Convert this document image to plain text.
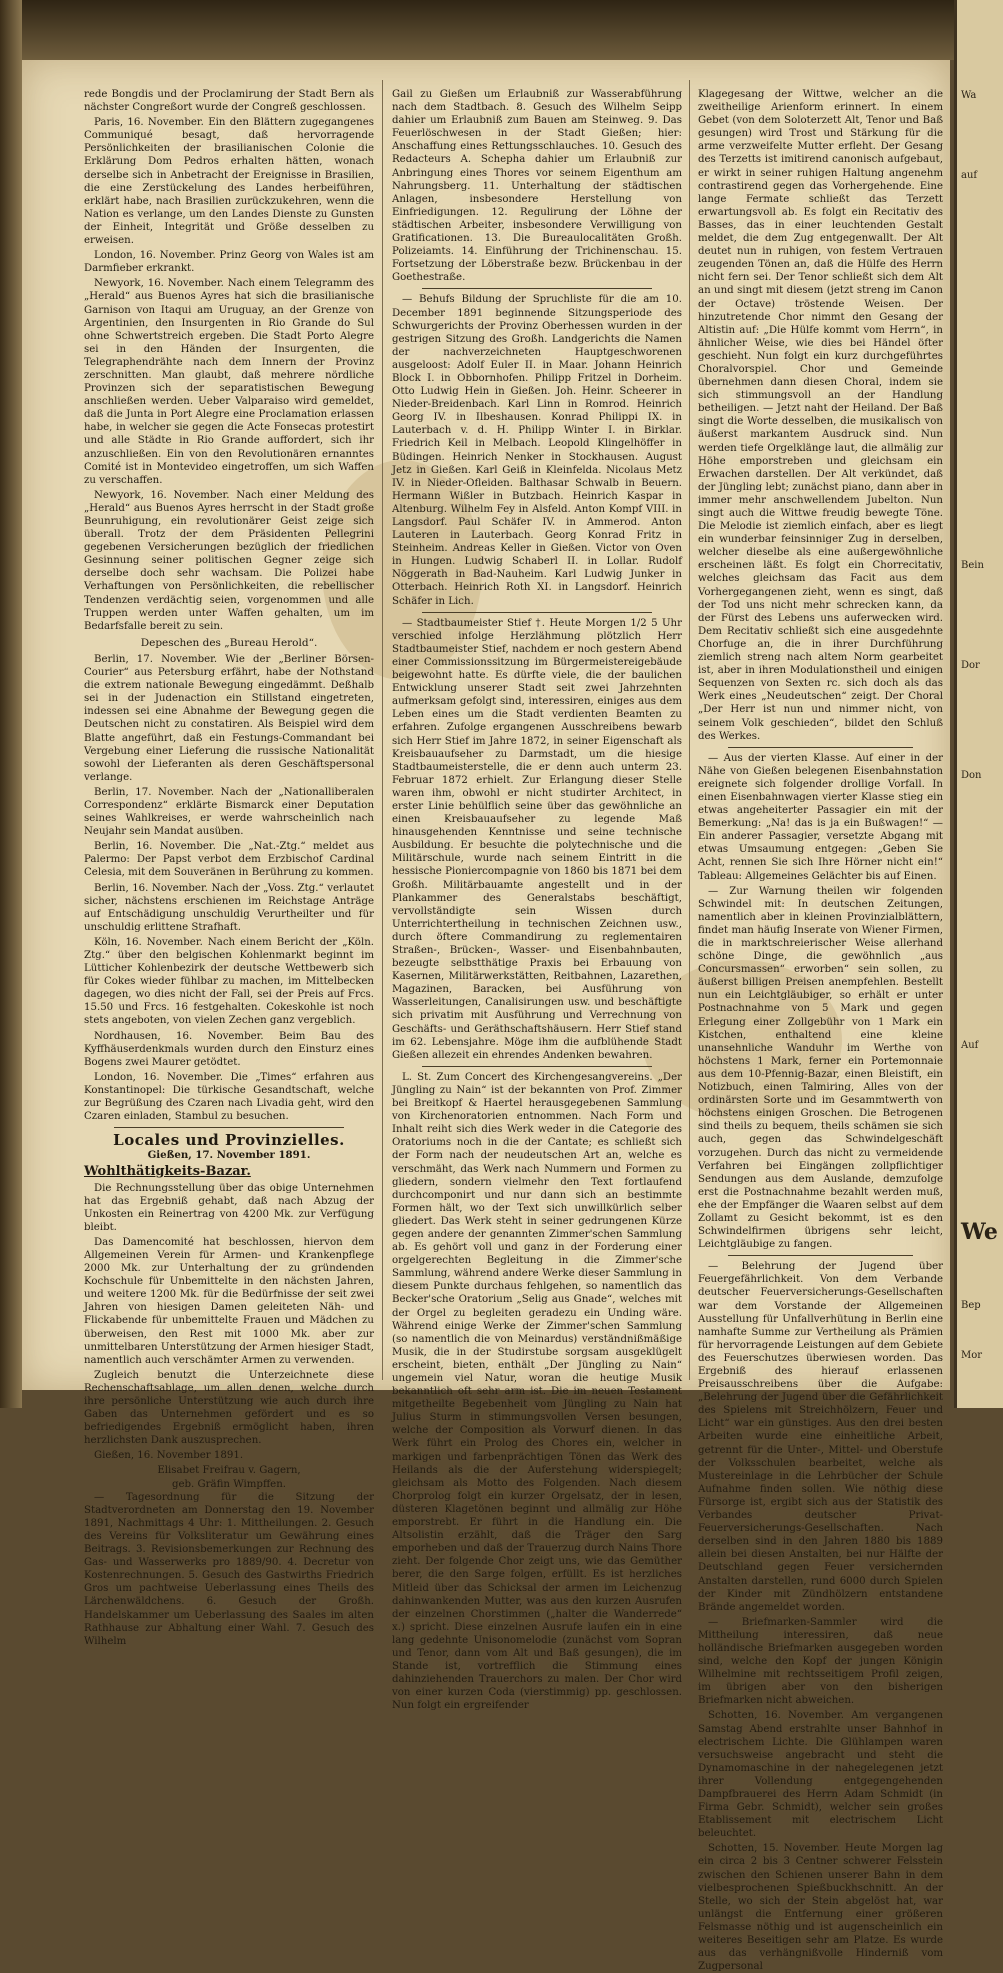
rede Bongdis und der Proclamirung der Stadt Bern als nächster Congreßort wurde der Congreß geschlossen.

Paris, 16. November. Ein den Blättern zugegangenes Communiqué besagt, daß hervorragende Persönlichkeiten der brasilianischen Colonie die Erklärung Dom Pedros erhalten hätten, wonach derselbe sich in Anbetracht der Ereignisse in Brasilien, die eine Zerstückelung des Landes herbeiführen, erklärt habe, nach Brasilien zurückzukehren, wenn die Nation es verlange, um den Landes Dienste zu Gunsten der Einheit, Integrität und Größe desselben zu erweisen.

London, 16. November. Prinz Georg von Wales ist am Darmfieber erkrankt.

Newyork, 16. November. Nach einem Telegramm des „Herald“ aus Buenos Ayres hat sich die brasilianische Garnison von Itaqui am Uruguay, an der Grenze von Argentinien, den Insurgenten in Rio Grande do Sul ohne Schwertstreich ergeben. Die Stadt Porto Alegre sei in den Händen der Insurgenten, die Telegraphendrähte nach dem Innern der Provinz zerschnitten. Man glaubt, daß mehrere nördliche Provinzen sich der separatistischen Bewegung anschließen werden. Ueber Valparaiso wird gemeldet, daß die Junta in Port Alegre eine Proclamation erlassen habe, in welcher sie gegen die Acte Fonsecas protestirt und alle Städte in Rio Grande auffordert, sich ihr anzuschließen. Ein von den Revolutionären ernanntes Comité ist in Montevideo eingetroffen, um sich Waffen zu verschaffen.

Newyork, 16. November. Nach einer Meldung des „Herald“ aus Buenos Ayres herrscht in der Stadt große Beunruhigung, ein revolutionärer Geist zeige sich überall. Trotz der dem Präsidenten Pellegrini gegebenen Versicherungen bezüglich der friedlichen Gesinnung seiner politischen Gegner zeige sich derselbe doch sehr wachsam. Die Polizei habe Verhaftungen von Persönlichkeiten, die rebellischer Tendenzen verdächtig seien, vorgenommen und alle Truppen werden unter Waffen gehalten, um im Bedarfsfalle bereit zu sein.

Depeschen des „Bureau Herold“.

Berlin, 17. November. Wie der „Berliner Börsen-Courier“ aus Petersburg erfährt, habe der Nothstand die extrem nationale Bewegung eingedämmt. Deßhalb sei in der Judenaction ein Stillstand eingetreten, indessen sei eine Abnahme der Bewegung gegen die Deutschen nicht zu constatiren. Als Beispiel wird dem Blatte angeführt, daß ein Festungs-Commandant bei Vergebung einer Lieferung die russische Nationalität sowohl der Lieferanten als deren Geschäftspersonal verlange.

Berlin, 17. November. Nach der „Nationalliberalen Correspondenz“ erklärte Bismarck einer Deputation seines Wahlkreises, er werde wahrscheinlich nach Neujahr sein Mandat ausüben.

Berlin, 16. November. Die „Nat.-Ztg.“ meldet aus Palermo: Der Papst verbot dem Erzbischof Cardinal Celesia, mit dem Souveränen in Berührung zu kommen.

Berlin, 16. November. Nach der „Voss. Ztg.“ verlautet sicher, nächstens erschienen im Reichstage Anträge auf Entschädigung unschuldig Verurtheilter und für unschuldig erlittene Strafhaft.

Köln, 16. November. Nach einem Bericht der „Köln. Ztg.“ über den belgischen Kohlenmarkt beginnt im Lütticher Kohlenbezirk der deutsche Wettbewerb sich für Cokes wieder fühlbar zu machen, im Mittelbecken dagegen, wo dies nicht der Fall, sei der Preis auf Frcs. 15.50 und Frcs. 16 festgehalten. Cokeskohle ist noch stets angeboten, von vielen Zechen ganz vergeblich.

Nordhausen, 16. November. Beim Bau des Kyffhäuserdenkmals wurden durch den Einsturz eines Bogens zwei Maurer getödtet.

London, 16. November. Die „Times“ erfahren aus Konstantinopel: Die türkische Gesandtschaft, welche zur Begrüßung des Czaren nach Livadia geht, wird den Czaren einladen, Stambul zu besuchen.

Locales und Provinzielles.
Gießen, 17. November 1891.
Wohlthätigkeits-Bazar.

Die Rechnungsstellung über das obige Unternehmen hat das Ergebniß gehabt, daß nach Abzug der Unkosten ein Reinertrag von 4200 Mk. zur Verfügung bleibt.

Das Damencomité hat beschlossen, hiervon dem Allgemeinen Verein für Armen- und Krankenpflege 2000 Mk. zur Unterhaltung der zu gründenden Kochschule für Unbemittelte in den nächsten Jahren, und weitere 1200 Mk. für die Bedürfnisse der seit zwei Jahren von hiesigen Damen geleiteten Näh- und Flickabende für unbemittelte Frauen und Mädchen zu überweisen, den Rest mit 1000 Mk. aber zur unmittelbaren Unterstützung der Armen hiesiger Stadt, namentlich auch verschämter Armen zu verwenden.

Zugleich benutzt die Unterzeichnete diese Rechenschaftsablage, um allen denen, welche durch ihre persönliche Unterstützung wie auch durch ihre Gaben das Unternehmen gefördert und es so befriedigendes Ergebniß ermöglicht haben, ihren herzlichsten Dank auszusprechen.

Gießen, 16. November 1891.

Elisabet Freifrau v. Gagern,
geb. Gräfin Wimpffen.

— Tagesordnung für die Sitzung der Stadtverordneten am Donnerstag den 19. November 1891, Nachmittags 4 Uhr: 1. Mittheilungen. 2. Gesuch des Vereins für Volksliteratur um Gewährung eines Beitrags. 3. Revisionsbemerkungen zur Rechnung des Gas- und Wasserwerks pro 1889/90. 4. Decretur von Kostenrechnungen. 5. Gesuch des Gastwirths Friedrich Gros um pachtweise Ueberlassung eines Theils des Lärchenwäldchens. 6. Gesuch der Großh. Handelskammer um Ueberlassung des Saales im alten Rathhause zur Abhaltung einer Wahl. 7. Gesuch des Wilhelm

Gail zu Gießen um Erlaubniß zur Wasserabführung nach dem Stadtbach. 8. Gesuch des Wilhelm Seipp dahier um Erlaubniß zum Bauen am Steinweg. 9. Das Feuerlöschwesen in der Stadt Gießen; hier: Anschaffung eines Rettungsschlauches. 10. Gesuch des Redacteurs A. Schepha dahier um Erlaubniß zur Anbringung eines Thores vor seinem Eigenthum am Nahrungsberg. 11. Unterhaltung der städtischen Anlagen, insbesondere Herstellung von Einfriedigungen. 12. Regulirung der Löhne der städtischen Arbeiter, insbesondere Verwilligung von Gratificationen. 13. Die Bureaulocalitäten Großh. Polizeiamts. 14. Einführung der Trichinenschau. 15. Fortsetzung der Löberstraße bezw. Brückenbau in der Goethestraße.

— Behufs Bildung der Spruchliste für die am 10. December 1891 beginnende Sitzungsperiode des Schwurgerichts der Provinz Oberhessen wurden in der gestrigen Sitzung des Großh. Landgerichts die Namen der nachverzeichneten Hauptgeschworenen ausgeloost: Adolf Euler II. in Maar. Johann Heinrich Block I. in Obbornhofen. Philipp Fritzel in Dorheim. Otto Ludwig Hein in Gießen. Joh. Heinr. Scheerer in Nieder-Breidenbach. Karl Linn in Romrod. Heinrich Georg IV. in Ilbeshausen. Konrad Philippi IX. in Lauterbach v. d. H. Philipp Winter I. in Birklar. Friedrich Keil in Melbach. Leopold Klingelhöffer in Büdingen. Heinrich Nenker in Stockhausen. August Jetz in Gießen. Karl Geiß in Kleinfelda. Nicolaus Metz IV. in Nieder-Ofleiden. Balthasar Schwalb in Beuern. Hermann Wißler in Butzbach. Heinrich Kaspar in Altenburg. Wilhelm Fey in Alsfeld. Anton Kompf VIII. in Langsdorf. Paul Schäfer IV. in Ammerod. Anton Lauteren in Lauterbach. Georg Konrad Fritz in Steinheim. Andreas Keller in Gießen. Victor von Oven in Hungen. Ludwig Schaberl II. in Lollar. Rudolf Nöggerath in Bad-Nauheim. Karl Ludwig Junker in Otterbach. Heinrich Roth XI. in Langsdorf. Heinrich Schäfer in Lich.

— Stadtbaumeister Stief †. Heute Morgen 1/2 5 Uhr verschied infolge Herzlähmung plötzlich Herr Stadtbaumeister Stief, nachdem er noch gestern Abend einer Commissionssitzung im Bürgermeistereigebäude beigewohnt hatte. Es dürfte viele, die der baulichen Entwicklung unserer Stadt seit zwei Jahrzehnten aufmerksam gefolgt sind, interessiren, einiges aus dem Leben eines um die Stadt verdienten Beamten zu erfahren. Zufolge ergangenen Ausschreibens bewarb sich Herr Stief im Jahre 1872, in seiner Eigenschaft als Kreisbauaufseher zu Darmstadt, um die hiesige Stadtbaumeisterstelle, die er denn auch unterm 23. Februar 1872 erhielt. Zur Erlangung dieser Stelle waren ihm, obwohl er nicht studirter Architect, in erster Linie behülflich seine über das gewöhnliche an einen Kreisbauaufseher zu legende Maß hinausgehenden Kenntnisse und seine technische Ausbildung. Er besuchte die polytechnische und die Militärschule, wurde nach seinem Eintritt in die hessische Pioniercompagnie von 1860 bis 1871 bei dem Großh. Militärbauamte angestellt und in der Plankammer des Generalstabs beschäftigt, vervollständigte sein Wissen durch Unterrichtertheilung in technischen Zeichnen usw., durch öftere Commandirung zu reglementairen Straßen-, Brücken-, Wasser- und Eisenbahnbauten, bezeugte selbstthätige Praxis bei Erbauung von Kasernen, Militärwerkstätten, Reitbahnen, Lazarethen, Magazinen, Baracken, bei Ausführung von Wasserleitungen, Canalisirungen usw. und beschäftigte sich privatim mit Ausführung und Verrechnung von Geschäfts- und Geräthschaftshäusern. Herr Stief stand im 62. Lebensjahre. Möge ihm die aufblühende Stadt Gießen allezeit ein ehrendes Andenken bewahren.

L. St. Zum Concert des Kirchengesangvereins. „Der Jüngling zu Nain“ ist der bekannten von Prof. Zimmer bei Breitkopf & Haertel herausgegebenen Sammlung von Kirchenoratorien entnommen. Nach Form und Inhalt reiht sich dies Werk weder in die Categorie des Oratoriums noch in die der Cantate; es schließt sich der Form nach der neudeutschen Art an, welche es verschmäht, das Werk nach Nummern und Formen zu gliedern, sondern vielmehr den Text fortlaufend durchcomponirt und nur dann sich an bestimmte Formen hält, wo der Text sich unwillkürlich selber gliedert. Das Werk steht in seiner gedrungenen Kürze gegen andere der genannten Zimmer'schen Sammlung ab. Es gehört voll und ganz in der Forderung einer orgelgerechten Begleitung in die Zimmer'sche Sammlung, während andere Werke dieser Sammlung in diesem Punkte durchaus fehlgehen, so namentlich das Becker'sche Oratorium „Selig aus Gnade“, welches mit der Orgel zu begleiten geradezu ein Unding wäre. Während einige Werke der Zimmer'schen Sammlung (so namentlich die von Meinardus) verständnißmäßige Musik, die in der Studirstube sorgsam ausgeklügelt erscheint, bieten, enthält „Der Jüngling zu Nain“ ungemein viel Natur, woran die heutige Musik bekanntlich oft sehr arm ist. Die im neuen Testament mitgetheilte Begebenheit vom Jüngling zu Nain hat Julius Sturm in stimmungsvollen Versen besungen, welche der Composition als Vorwurf dienen. In das Werk führt ein Prolog des Chores ein, welcher in markigen und farbenprächtigen Tönen das Werk des Heilands als die der Auferstehung widerspiegelt; gleichsam als Motto des Folgenden. Nach diesem Chorprolog folgt ein kurzer Orgelsatz, der in lesen, düsteren Klagetönen beginnt und allmälig zur Höhe emporstrebt. Er führt in die Handlung ein. Die Altsolistin erzählt, daß die Träger den Sarg emporheben und daß der Trauerzug durch Nains Thore zieht. Der folgende Chor zeigt uns, wie das Gemüther berer, die den Sarge folgen, erfüllt. Es ist herzliches Mitleid über das Schicksal der armen im Leichenzug dahinwankenden Mutter, was aus den kurzen Ausrufen der einzelnen Chorstimmen („halter die Wanderrede“ x.) spricht. Diese einzelnen Ausrufe laufen ein in eine lang gedehnte Unisonomelodie (zunächst vom Sopran und Tenor, dann vom Alt und Baß gesungen), die im Stande ist, vortrefflich die Stimmung eines dahinziehenden Trauerchors zu malen. Der Chor wird von einer kurzen Coda (vierstimmig) pp. geschlossen. Nun folgt ein ergreifender

Klagegesang der Wittwe, welcher an die zweitheilige Arienform erinnert. In einem Gebet (von dem Soloterzett Alt, Tenor und Baß gesungen) wird Trost und Stärkung für die arme verzweifelte Mutter erfleht. Der Gesang des Terzetts ist imitirend canonisch aufgebaut, er wirkt in seiner ruhigen Haltung angenehm contrastirend gegen das Vorhergehende. Eine lange Fermate schließt das Terzett erwartungsvoll ab. Es folgt ein Recitativ des Basses, das in einer leuchtenden Gestalt meldet, die dem Zug entgegenwallt. Der Alt deutet nun in ruhigen, von festem Vertrauen zeugenden Tönen an, daß die Hülfe des Herrn nicht fern sei. Der Tenor schließt sich dem Alt an und singt mit diesem (jetzt streng im Canon der Octave) tröstende Weisen. Der hinzutretende Chor nimmt den Gesang der Altistin auf: „Die Hülfe kommt vom Herrn“, in ähnlicher Weise, wie dies bei Händel öfter geschieht. Nun folgt ein kurz durchgeführtes Choralvorspiel. Chor und Gemeinde übernehmen dann diesen Choral, indem sie sich stimmungsvoll an der Handlung betheiligen. — Jetzt naht der Heiland. Der Baß singt die Worte desselben, die musikalisch von äußerst markantem Ausdruck sind. Nun werden tiefe Orgelklänge laut, die allmälig zur Höhe emporstreben und gleichsam ein Erwachen darstellen. Der Alt verkündet, daß der Jüngling lebt; zunächst piano, dann aber in immer mehr anschwellendem Jubelton. Nun singt auch die Wittwe freudig bewegte Töne. Die Melodie ist ziemlich einfach, aber es liegt ein wunderbar feinsinniger Zug in derselben, welcher dieselbe als eine außergewöhnliche erscheinen läßt. Es folgt ein Chorrecitativ, welches gleichsam das Facit aus dem Vorhergegangenen zieht, wenn es singt, daß der Tod uns nicht mehr schrecken kann, da der Fürst des Lebens uns auferwecken wird. Dem Recitativ schließt sich eine ausgedehnte Chorfuge an, die in ihrer Durchführung ziemlich streng nach altem Norm gearbeitet ist, aber in ihren Modulationstheil und einigen Sequenzen von Sexten rc. sich doch als das Werk eines „Neudeutschen“ zeigt. Der Choral „Der Herr ist nun und nimmer nicht, von seinem Volk geschieden“, bildet den Schluß des Werkes.

— Aus der vierten Klasse. Auf einer in der Nähe von Gießen belegenen Eisenbahnstation ereignete sich folgender drollige Vorfall. In einen Eisenbahnwagen vierter Klasse stieg ein etwas angeheiterter Passagier ein mit der Bemerkung: „Na! das is ja ein Bußwagen!“ — Ein anderer Passagier, versetzte Abgang mit etwas Umsaumung entgegen: „Geben Sie Acht, rennen Sie sich Ihre Hörner nicht ein!“ Tableau: Allgemeines Gelächter bis auf Einen.

— Zur Warnung theilen wir folgenden Schwindel mit: In deutschen Zeitungen, namentlich aber in kleinen Provinzialblättern, findet man häufig Inserate von Wiener Firmen, die in marktschreierischer Weise allerhand schöne Dinge, die gewöhnlich „aus Concursmassen“ erworben“ sein sollen, zu äußerst billigen Preisen anempfehlen. Bestellt nun ein Leichtgläubiger, so erhält er unter Postnachnahme von 5 Mark und gegen Erlegung einer Zollgebühr von 1 Mark ein Kistchen, enthaltend eine kleine unansehnliche Wanduhr im Werthe von höchstens 1 Mark, ferner ein Portemonnaie aus dem 10-Pfennig-Bazar, einen Bleistift, ein Notizbuch, einen Talmiring, Alles von der ordinärsten Sorte und im Gesammtwerth von höchstens einigen Groschen. Die Betrogenen sind theils zu bequem, theils schämen sie sich auch, gegen das Schwindelgeschäft vorzugehen. Durch das nicht zu vermeidende Verfahren bei Eingängen zollpflichtiger Sendungen aus dem Auslande, demzufolge erst die Postnachnahme bezahlt werden muß, ehe der Empfänger die Waaren selbst auf dem Zollamt zu Gesicht bekommt, ist es den Schwindelfirmen übrigens sehr leicht, Leichtgläubige zu fangen.

— Belehrung der Jugend über Feuergefährlichkeit. Von dem Verbande deutscher Feuerversicherungs-Gesellschaften war dem Vorstande der Allgemeinen Ausstellung für Unfallverhütung in Berlin eine namhafte Summe zur Vertheilung als Prämien für hervorragende Leistungen auf dem Gebiete des Feuerschutzes überwiesen worden. Das Ergebniß des hierauf erlassenen Preisausschreibens über die Aufgabe: „Belehrung der Jugend über die Gefährlichkeit des Spielens mit Streichhölzern, Feuer und Licht“ war ein günstiges. Aus den drei besten Arbeiten wurde eine einheitliche Arbeit, getrennt für die Unter-, Mittel- und Oberstufe der Volksschulen bearbeitet, welche als Mustereinlage in die Lehrbücher der Schule Aufnahme finden sollen. Wie nöthig diese Fürsorge ist, ergibt sich aus der Statistik des Verbandes deutscher Privat-Feuerversicherungs-Gesellschaften. Nach derselben sind in den Jahren 1880 bis 1889 allein bei diesen Anstalten, bei nur Hälfte der Deutschland gegen Feuer versichernden Anstalten darstellen, rund 6000 durch Spielen der Kinder mit Zündhölzern entstandene Brände angemeldet worden.

— Briefmarken-Sammler wird die Mittheilung interessiren, daß neue holländische Briefmarken ausgegeben worden sind, welche den Kopf der jungen Königin Wilhelmine mit rechtsseitigem Profil zeigen, im übrigen aber von den bisherigen Briefmarken nicht abweichen.

Schotten, 16. November. Am vergangenen Samstag Abend erstrahlte unser Bahnhof in electrischem Lichte. Die Glühlampen waren versuchsweise angebracht und steht die Dynamomaschine in der nahegelegenen jetzt ihrer Vollendung entgegengehenden Dampfbrauerei des Herrn Adam Schmidt (in Firma Gebr. Schmidt), welcher sein großes Etablissement mit electrischem Licht beleuchtet.

Schotten, 15. November. Heute Morgen lag ein circa 2 bis 3 Centner schwerer Felsstein zwischen den Schienen unserer Bahn in dem vielbesprochenen Spießbuckhschnitt. An der Stelle, wo sich der Stein abgelöst hat, war unlängst die Entfernung einer größeren Felsmasse nöthig und ist augenscheinlich ein weiteres Beseitigen sehr am Platze. Es wurde aus das verhängnißvolle Hinderniß vom Zugpersonal

Wa
auf
Bein
Dor
Don
Auf
We
Bep
Mor
